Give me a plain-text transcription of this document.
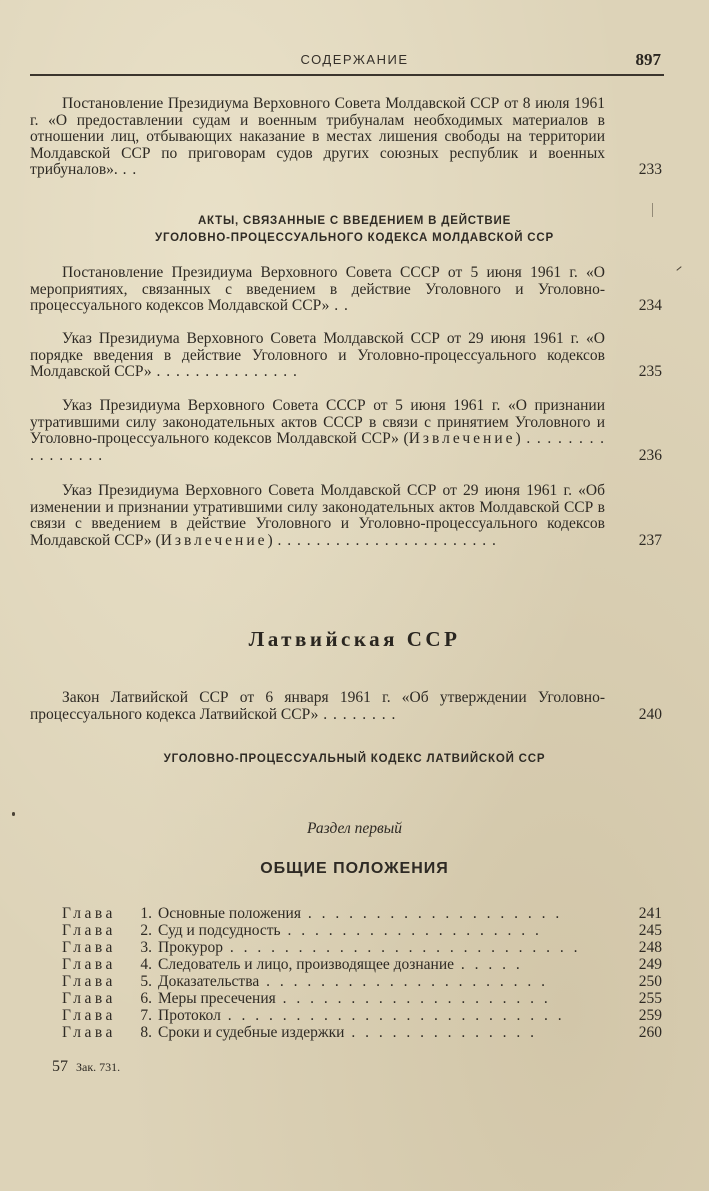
СОДЕРЖАНИЕ	897
Постановление Президиума Верховного Совета Молдавской ССР от 8 июля 1961 г. «О предоставлении судам и военным трибуналам необходимых материалов в отношении лиц, отбывающих наказание в местах лишения свободы на территории Молдавской ССР по приговорам судов других союзных республик и военных трибуналов». . .	233
АКТЫ, СВЯЗАННЫЕ С ВВЕДЕНИЕМ В ДЕЙСТВИЕ
УГОЛОВНО-ПРОЦЕССУАЛЬНОГО КОДЕКСА МОЛДАВСКОЙ ССР
Постановление Президиума Верховного Совета СССР от 5 июня 1961 г. «О мероприятиях, связанных с введением в действие Уголовного и Уголовно-процессуального кодексов Молдавской ССР» . .	234
Указ Президиума Верховного Совета Молдавской ССР от 29 июня 1961 г. «О порядке введения в действие Уголовного и Уголовно-процессуального кодексов Молдавской ССР» . . . . . . . . . . . . . . .	235
Указ Президиума Верховного Совета СССР от 5 июня 1961 г. «О признании утратившими силу законодательных актов СССР в связи с принятием Уголовного и Уголовно-процессуального кодексов Молдавской ССР» (Извлечение) . . . . . . . . . . . . . . . .	236
Указ Президиума Верховного Совета Молдавской ССР от 29 июня 1961 г. «Об изменении и признании утратившими силу законодательных актов Молдавской ССР в связи с введением в действие Уголовного и Уголовно-процессуального кодексов Молдавской ССР» (Извлечение) . . . . . . . . . . . . . . . . . . . . . . .	237
Латвийская ССР
Закон Латвийской ССР от 6 января 1961 г. «Об утверждении Уголовно-процессуального кодекса Латвийской ССР» . . . . . . . .	240
УГОЛОВНО-ПРОЦЕССУАЛЬНЫЙ КОДЕКС ЛАТВИЙСКОЙ ССР
Раздел первый
ОБЩИЕ ПОЛОЖЕНИЯ
Глава 1. Основные положения . . . . . . . . . . . . . . . . . . .	241
Глава 2. Суд и подсудность . . . . . . . . . . . . . . . . . . .	245
Глава 3. Прокурор . . . . . . . . . . . . . . . . . . . . . . . . . .	248
Глава 4. Следователь и лицо, производящее дознание . . . . .	249
Глава 5. Доказательства . . . . . . . . . . . . . . . . . . . . .	250
Глава 6. Меры пресечения . . . . . . . . . . . . . . . . . . . .	255
Глава 7. Протокол . . . . . . . . . . . . . . . . . . . . . . . . .	259
Глава 8. Сроки и судебные издержки . . . . . . . . . . . . . .	260
57 Зак. 731.
